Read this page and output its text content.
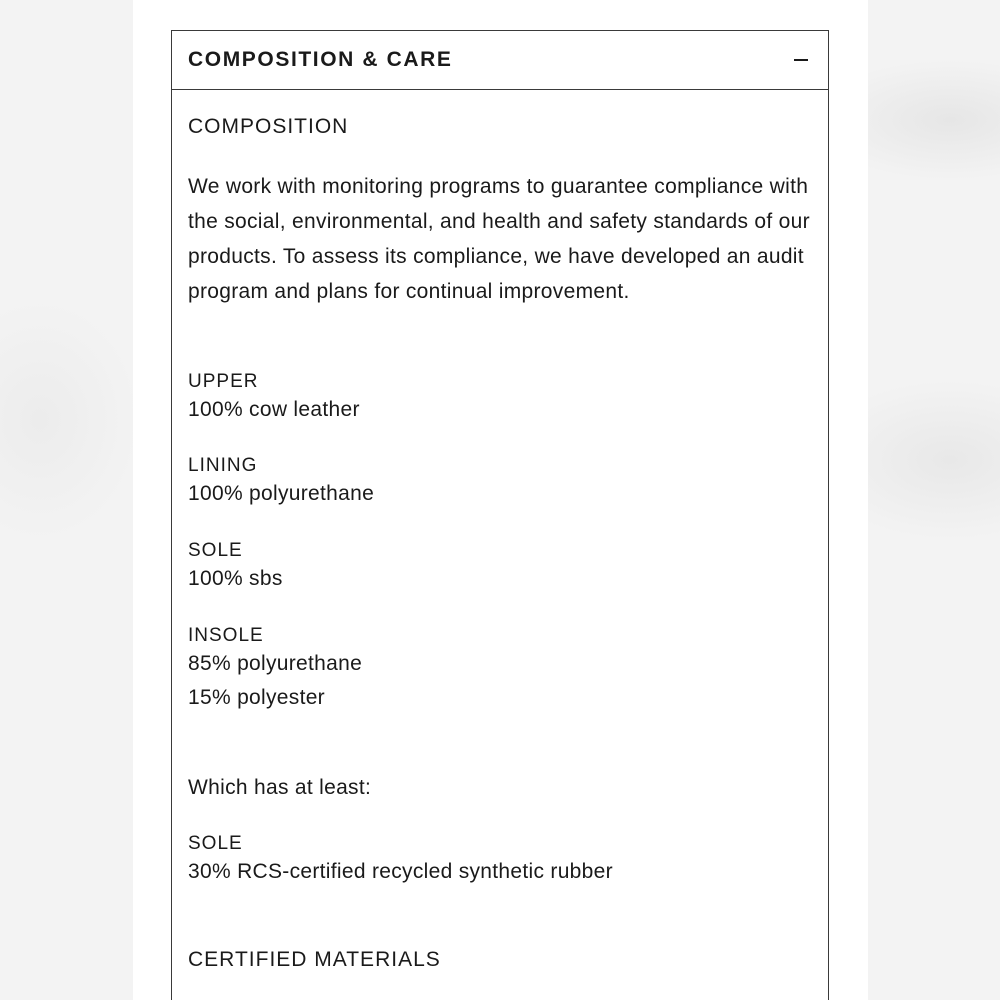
COMPOSITION & CARE

COMPOSITION

We work with monitoring programs to guarantee compliance with the social, environmental, and health and safety standards of our products. To assess its compliance, we have developed an audit program and plans for continual improvement.

UPPER

100% cow leather

LINING

100% polyurethane

SOLE

100% sbs

INSOLE

85% polyurethane

15% polyester

Which has at least:

SOLE

30% RCS-certified recycled synthetic rubber

CERTIFIED MATERIALS
